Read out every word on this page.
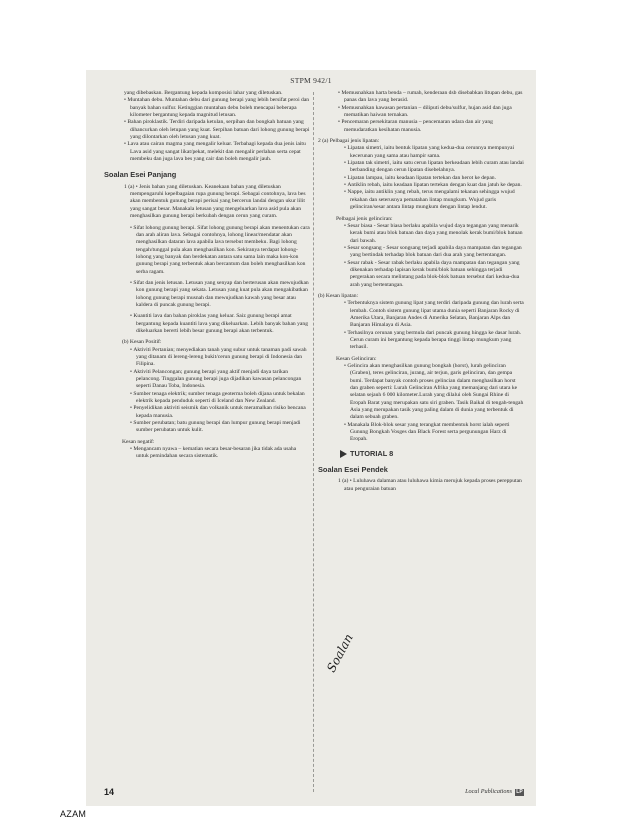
STPM 942/1

yang dibebaskan. Bergantung kepada komposisi lahar yang diletuskan.

• Muntahan debu. Muntahan debu dari gunung berapi yang lebih bersifat peroi dan banyak bahan sulfur. Ketinggian muntahan debu boleh mencapai beberapa kilometer bergantung kepada magnitud letusan.

• Bahan piroklastik. Terdiri daripada ketulan, serpihan dan bongkah batuan yang dihancurkan oleh letupan yang kuat. Serpihan batuan dari lohong gunung berapi yang dilontarkan oleh letusan yang kuat.

• Lava atau cairan magma yang mengalir keluar. Terbahagi kepada dua jenis iaitu Lava asid yang sangat likat/pekat, melekit dan mengalir perlahan serta cepat membeku dan juga lava bes yang cair dan boleh mengalir jauh.

Soalan Esei Panjang

1 (a) • Jenis bahan yang diletuskan. Keanekaan bahan yang diletuskan mempengaruhi kepelbagaian rupa gunung berapi. Sebagai contohnya, lava bes akan membentuk gunung berapi perisai yang bercerun landai dengan ukur lilit yang sangat besar. Manakala letusan yang mengeluarkan lava asid pula akan menghasilkan gunung berapi berkubah dengan cerun yang curam.

• Sifat lohong gunung berapi. Sifat lohong gunung berapi akan menentukan cara dan arah aliran lava. Sebagai contohnya, lohong linear/mendatar akan menghasilkan dataran lava apabila lava tersebut membeku. Bagi lohong tengah/tunggal pula akan menghasilkan kon. Sekiranya terdapat lohong-lohong yang banyak dan berdekatan antara satu sama lain maka kon-kon gunung berapi yang terbentuk akan bercantum dan boleh menghasilkan kon serba ragam.

• Sifat dan jenis letusan. Letusan yang senyap dan berterusan akan mewujudkan kon gunung berapi yang sekata. Letusan yang kuat pula akan mengakibatkan lohong gunung berapi musnah dan mewujudkan kawah yang besar atau kaldera di puncak gunung berapi.

• Kuantiti lava dan bahan piroklas yang keluar. Saiz gunung berapi amat bergantung kepada kuantiti lava yang dikeluarkan. Lebih banyak bahan yang dikeluarkan bererti lebih besar gunung berapi akan terbentuk.

(b) Kesan Positif:

• Aktiviti Pertanian; menyediakan tanah yang subur untuk tanaman padi sawah yang ditanam di lereng-lereng bukit/cerun gunung berapi di Indonesia dan Filipina.

• Aktiviti Pelancongan; gunung berapi yang aktif menjadi daya tarikan pelancong. Tinggalan gunung berapi juga dijadikan kawasan pelancongan seperti Danau Toba, Indonesia.

• Sumber tenaga elektrik; sumber tenaga geoterma boleh dijana untuk bekalan elektrik kepada penduduk seperti di Iceland dan New Zealand.

• Penyelidikan aktiviti seismik dan volkanik untuk meramalkan risiko bencana kepada manusia.

• Sumber perubatan; batu gunung berapi dan lumpur gunung berapi menjadi sumber perubatan untuk kulit.

Kesan negatif:

• Mengancam nyawa – kematian secara besar-besaran jika tidak ada usaha untuk pemindahan secara sistematik.

• Memusnahkan harta benda – rumah, kenderaan dsb disebabkan litupan debu, gas panas dan lava yang berasid.

• Memusnahkan kawasan pertanian – diliputi debu/sulfur, hujan asid dan juga mematikan haiwan ternakan.

• Pencemaran persekitaran manusia – pencemaran udara dan air yang memudaratkan kesihatan manusia.

2 (a) Pelbagai jenis lipatan:

• Lipatan simetri, iaitu bentuk lipatan yang kedua-dua cerunnya mempunyai kecerunan yang sama atau hampir sama.

• Lipatan tak simetri, iaitu satu cerun lipatan berkeadaan lebih curam atau landai berbanding dengan cerun lipatan disebelahnya.

• Lipatan lampau, iaitu keadaan lipatan tertekan dan herot ke depan.

• Antiklin rebah, iaitu keadaan lipatan tertekan dengan kuat dan jatuh ke depan.

• Nappe, iaitu antiklin yang rebah, terus mengalami tekanan sehingga wujud rekahan dan seterusnya pematahan lintap mungkum. Wujud garis gelinciran/sesar antara lintap mungkum dengan lintap lendut.

Pelbagai jenis gelinciran:

• Sesar biasa - Sesar biasa berlaku apabila wujud daya tegangan yang menarik kerak bumi atau blok batuan dan daya yang menolak kerak bumi/blok batuan dari bawah.

• Sesar songsang - Sesar songsang terjadi apabila daya mampatan dan tegangan yang bertindak terhadap blok batuan dari dua arah yang bertentangan.

• Sesar rabak - Sesar rabak berlaku apabila daya mampatan dan tegangan yang dikenakan terhadap lapisan kerak bumi/blok batuan sehingga terjadi pergerakan secara melintang pada blok-blok batuan tersebut dari kedua-dua arah yang bertentangan.

(b) Kesan lipatan:

• Terbentuknya sistem gunung lipat yang terdiri daripada gunung dan lurah serta lembah. Contoh sistem gunung lipat utama dunia seperti Banjaran Rocky di Amerika Utara, Banjaran Andes di Amerika Selatan, Banjaran Alps dan Banjaran Himalaya di Asia.

• Terhasilnya cerunan yang bermula dari puncak gunung hingga ke dasar lurah. Cerun curam ini bergantung kepada berapa tinggi lintap mungkum yang terhasil.

Kesan Gelinciran:

• Gelincira akan menghasilkan gunung bongkah (horst), lurah gelinciran (Graben), teres gelinciran, jurang, air terjun, garis gelinciran, dan gempa bumi. Terdapat banyak contoh proses gelincian dalam menghasilkan horst dan graben seperti: Lurah Gelinciran Afrika yang memanjang dari utara ke selatan sejauh 6 000 kilometer.Lurah yang dilalui oleh Sungai Rhine di Eropah Barat yang merupakan satu siri graben. Tasik Baikal di tengah-tengah Asia yang merupakan tasik yang paling dalam di dunia yang terbentuk di dalam sebuah graben.

• Manakala Blok-blok sesar yang terangkat membentuk horst ialah seperti Gunung Bongkah Vosges dan Black Forest serta pergunungan Harz di Eropah.

TUTORIAL 8
Soalan Esei Pendek

1 (a) • Luluhawa dalaman atau luluhawa kimia merujuk kepada proses perepputan atau penguraian batuan

Soalan
14	Local Publications LP
AZAM
